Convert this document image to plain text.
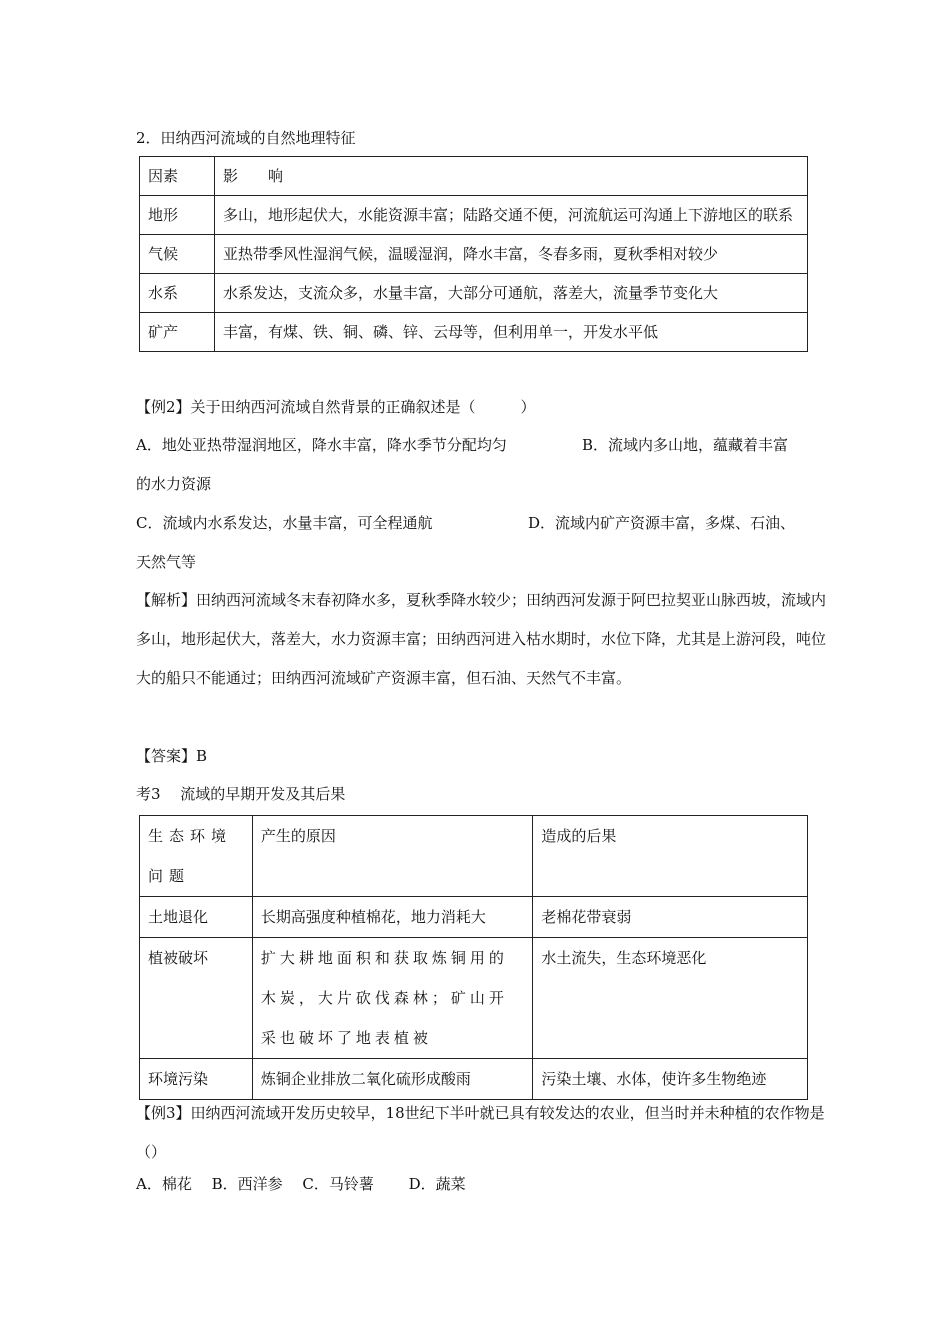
2．田纳西河流域的自然地理特征
因素	影　　响
地形	多山，地形起伏大，水能资源丰富；陆路交通不便，河流航运可沟通上下游地区的联系
气候	亚热带季风性湿润气候，温暖湿润，降水丰富，冬春多雨，夏秋季相对较少
水系	水系发达，支流众多，水量丰富，大部分可通航，落差大，流量季节变化大
矿产	丰富，有煤、铁、铜、磷、锌、云母等，但利用单一，开发水平低
【例2】关于田纳西河流域自然背景的正确叙述是（　　　）
A．地处亚热带湿润地区，降水丰富，降水季节分配均匀	B．流域内多山地，蕴藏着丰富
的水力资源
C．流域内水系发达，水量丰富，可全程通航	D．流域内矿产资源丰富，多煤、石油、
天然气等
【解析】田纳西河流域冬末春初降水多，夏秋季降水较少；田纳西河发源于阿巴拉契亚山脉西坡，流域内多山，地形起伏大，落差大，水力资源丰富；田纳西河进入枯水期时，水位下降，尤其是上游河段，吨位大的船只不能通过；田纳西河流域矿产资源丰富，但石油、天然气不丰富。
【答案】B
考3　 流域的早期开发及其后果
生态环境问题	产生的原因	造成的后果
土地退化	长期高强度种植棉花，地力消耗大	老棉花带衰弱
植被破坏	扩大耕地面积和获取炼铜用的木炭，大片砍伐森林；矿山开采也破坏了地表植被	水土流失，生态环境恶化
环境污染	炼铜企业排放二氧化硫形成酸雨	污染土壤、水体，使许多生物绝迹
【例3】田纳西河流域开发历史较早，18世纪下半叶就已具有较发达的农业，但当时并未种植的农作物是（）
A．棉花　 B．西洋参　 C．马铃薯　　 D．蔬菜
